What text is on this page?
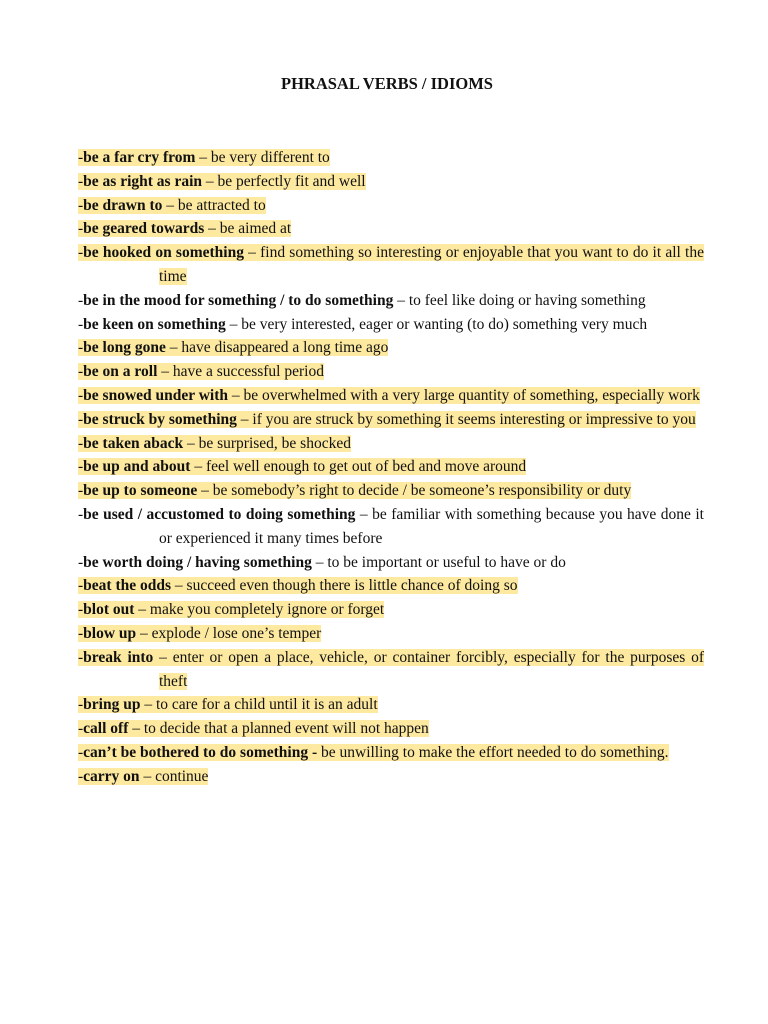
PHRASAL VERBS / IDIOMS
-be a far cry from – be very different to
-be as right as rain – be perfectly fit and well
-be drawn to – be attracted to
-be geared towards – be aimed at
-be hooked on something – find something so interesting or enjoyable that you want to do it all the time
-be in the mood for something / to do something – to feel like doing or having something
-be keen on something – be very interested, eager or wanting (to do) something very much
-be long gone – have disappeared a long time ago
-be on a roll – have a successful period
-be snowed under with – be overwhelmed with a very large quantity of something, especially work
-be struck by something – if you are struck by something it seems interesting or impressive to you
-be taken aback – be surprised, be shocked
-be up and about – feel well enough to get out of bed and move around
-be up to someone – be somebody’s right to decide / be someone’s responsibility or duty
-be used / accustomed to doing something – be familiar with something because you have done it or experienced it many times before
-be worth doing / having something – to be important or useful to have or do
-beat the odds – succeed even though there is little chance of doing so
-blot out – make you completely ignore or forget
-blow up – explode / lose one’s temper
-break into – enter or open a place, vehicle, or container forcibly, especially for the purposes of theft
-bring up – to care for a child until it is an adult
-call off – to decide that a planned event will not happen
-can’t be bothered to do something - be unwilling to make the effort needed to do something.
-carry on – continue
